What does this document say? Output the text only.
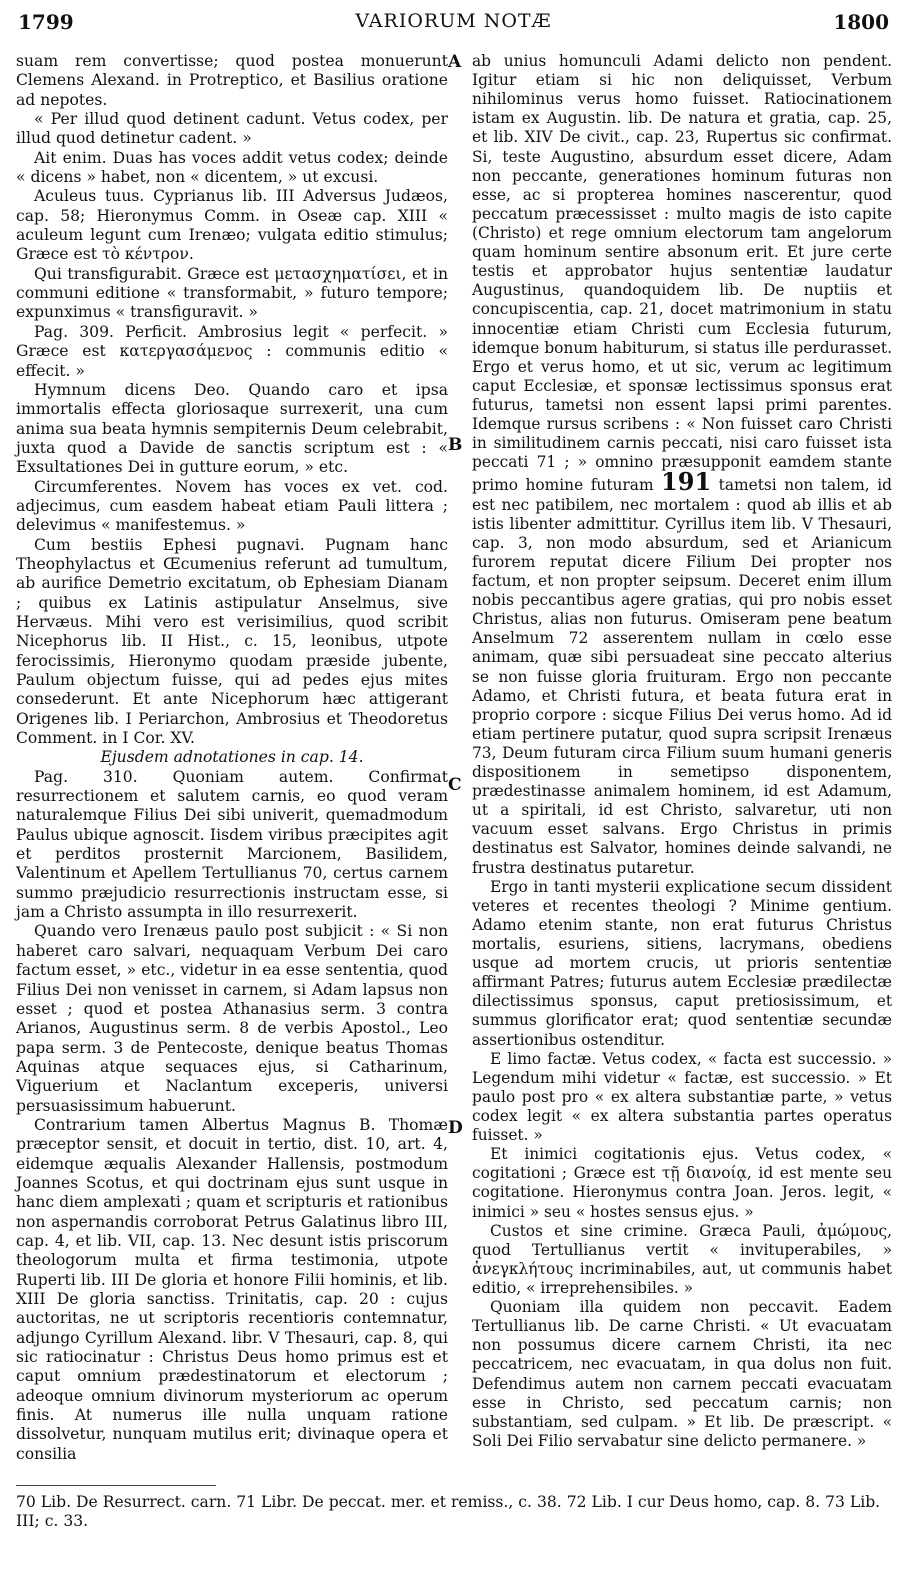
1799	VARIORUM NOTÆ	1800
A
B
C
D

suam rem convertisse; quod postea monuerunt Clemens Alexand. in Protreptico, et Basilius oratione ad nepotes.

« Per illud quod detinent cadunt. Vetus codex, per illud quod detinetur cadent. »

Ait enim. Duas has voces addit vetus codex; deinde « dicens » habet, non « dicentem, » ut excusi.

Aculeus tuus. Cyprianus lib. III Adversus Judæos, cap. 58; Hieronymus Comm. in Oseæ cap. XIII « aculeum legunt cum Irenæo; vulgata editio stimulus; Græce est τὸ κέντρον.

Qui transfigurabit. Græce est μετασχηματίσει, et in communi editione « transformabit, » futuro tempore; expunximus « transfiguravit. »

Pag. 309. Perficit. Ambrosius legit « perfecit. » Græce est κατεργασάμενος : communis editio « effecit. »

Hymnum dicens Deo. Quando caro et ipsa immortalis effecta gloriosaque surrexerit, una cum anima sua beata hymnis sempiternis Deum celebrabit, juxta quod a Davide de sanctis scriptum est : « Exsultationes Dei in gutture eorum, » etc.

Circumferentes. Novem has voces ex vet. cod. adjecimus, cum easdem habeat etiam Pauli littera ; delevimus « manifestemus. »

Cum bestiis Ephesi pugnavi. Pugnam hanc Theophylactus et Œcumenius referunt ad tumultum, ab aurifice Demetrio excitatum, ob Ephesiam Dianam ; quibus ex Latinis astipulatur Anselmus, sive Hervæus. Mihi vero est verisimilius, quod scribit Nicephorus lib. II Hist., c. 15, leonibus, utpote ferocissimis, Hieronymo quodam præside jubente, Paulum objectum fuisse, qui ad pedes ejus mites consederunt. Et ante Nicephorum hæc attigerant Origenes lib. I Periarchon, Ambrosius et Theodoretus Comment. in I Cor. XV.

Ejusdem adnotationes in cap. 14.

Pag. 310. Quoniam autem. Confirmat resurrectionem et salutem carnis, eo quod veram naturalemque Filius Dei sibi univerit, quemadmodum Paulus ubique agnoscit. Iisdem viribus præcipites agit et perditos prosternit Marcionem, Basilidem, Valentinum et Apellem Tertullianus 70, certus carnem summo præjudicio resurrectionis instructam esse, si jam a Christo assumpta in illo resurrexerit.

Quando vero Irenæus paulo post subjicit : « Si non haberet caro salvari, nequaquam Verbum Dei caro factum esset, » etc., videtur in ea esse sententia, quod Filius Dei non venisset in carnem, si Adam lapsus non esset ; quod et postea Athanasius serm. 3 contra Arianos, Augustinus serm. 8 de verbis Apostol., Leo papa serm. 3 de Pentecoste, denique beatus Thomas Aquinas atque sequaces ejus, si Catharinum, Viguerium et Naclantum exceperis, universi persuasissimum habuerunt.

Contrarium tamen Albertus Magnus B. Thomæ præceptor sensit, et docuit in tertio, dist. 10, art. 4, eidemque æqualis Alexander Hallensis, postmodum Joannes Scotus, et qui doctrinam ejus sunt usque in hanc diem amplexati ; quam et scripturis et rationibus non aspernandis corroborat Petrus Galatinus libro III, cap. 4, et lib. VII, cap. 13. Nec desunt istis priscorum theologorum multa et firma testimonia, utpote Ruperti lib. III De gloria et honore Filii hominis, et lib. XIII De gloria sanctiss. Trinitatis, cap. 20 : cujus auctoritas, ne ut scriptoris recentioris contemnatur, adjungo Cyrillum Alexand. libr. V Thesauri, cap. 8, qui sic ratiocinatur : Christus Deus homo primus est et caput omnium prædestinatorum et electorum ; adeoque omnium divinorum mysteriorum ac operum finis. At numerus ille nulla unquam ratione dissolvetur, nunquam mutilus erit; divinaque opera et consilia

ab unius homunculi Adami delicto non pendent. Igitur etiam si hic non deliquisset, Verbum nihilominus verus homo fuisset. Ratiocinationem istam ex Augustin. lib. De natura et gratia, cap. 25, et lib. XIV De civit., cap. 23, Rupertus sic confirmat. Si, teste Augustino, absurdum esset dicere, Adam non peccante, generationes hominum futuras non esse, ac si propterea homines nascerentur, quod peccatum præcessisset : multo magis de isto capite (Christo) et rege omnium electorum tam angelorum quam hominum sentire absonum erit. Et jure certe testis et approbator hujus sententiæ laudatur Augustinus, quandoquidem lib. De nuptiis et concupiscentia, cap. 21, docet matrimonium in statu innocentiæ etiam Christi cum Ecclesia futurum, idemque bonum habiturum, si status ille perdurasset. Ergo et verus homo, et ut sic, verum ac legitimum caput Ecclesiæ, et sponsæ lectissimus sponsus erat futurus, tametsi non essent lapsi primi parentes. Idemque rursus scribens : « Non fuisset caro Christi in similitudinem carnis peccati, nisi caro fuisset ista peccati 71 ; » omnino præsupponit eamdem stante primo homine futuram 191 tametsi non talem, id est nec patibilem, nec mortalem : quod ab illis et ab istis libenter admittitur. Cyrillus item lib. V Thesauri, cap. 3, non modo absurdum, sed et Arianicum furorem reputat dicere Filium Dei propter nos factum, et non propter seipsum. Deceret enim illum nobis peccantibus agere gratias, qui pro nobis esset Christus, alias non futurus. Omiseram pene beatum Anselmum 72 asserentem nullam in cœlo esse animam, quæ sibi persuadeat sine peccato alterius se non fuisse gloria fruituram. Ergo non peccante Adamo, et Christi futura, et beata futura erat in proprio corpore : sicque Filius Dei verus homo. Ad id etiam pertinere putatur, quod supra scripsit Irenæus 73, Deum futuram circa Filium suum humani generis dispositionem in semetipso disponentem, prædestinasse animalem hominem, id est Adamum, ut a spiritali, id est Christo, salvaretur, uti non vacuum esset salvans. Ergo Christus in primis destinatus est Salvator, homines deinde salvandi, ne frustra destinatus putaretur.

Ergo in tanti mysterii explicatione secum dissident veteres et recentes theologi ? Minime gentium. Adamo etenim stante, non erat futurus Christus mortalis, esuriens, sitiens, lacrymans, obediens usque ad mortem crucis, ut prioris sententiæ affirmant Patres; futurus autem Ecclesiæ prædilectæ dilectissimus sponsus, caput pretiosissimum, et summus glorificator erat; quod sententiæ secundæ assertionibus ostenditur.

E limo factæ. Vetus codex, « facta est successio. » Legendum mihi videtur « factæ, est successio. » Et paulo post pro « ex altera substantiæ parte, » vetus codex legit « ex altera substantia partes operatus fuisset. »

Et inimici cogitationis ejus. Vetus codex, « cogitationi ; Græce est τῇ διανοίᾳ, id est mente seu cogitatione. Hieronymus contra Joan. Jeros. legit, « inimici » seu « hostes sensus ejus. »

Custos et sine crimine. Græca Pauli, ἀμώμους, quod Tertullianus vertit « invituperabiles, » ἀνεγκλήτους incriminabiles, aut, ut communis habet editio, « irreprehensibiles. »

Quoniam illa quidem non peccavit. Eadem Tertullianus lib. De carne Christi. « Ut evacuatam non possumus dicere carnem Christi, ita nec peccatricem, nec evacuatam, in qua dolus non fuit. Defendimus autem non carnem peccati evacuatam esse in Christo, sed peccatum carnis; non substantiam, sed culpam. » Et lib. De præscript. « Soli Dei Filio servabatur sine delicto permanere. »

70 Lib. De Resurrect. carn. 71 Libr. De peccat. mer. et remiss., c. 38. 72 Lib. I cur Deus homo, cap. 8. 73 Lib. III; c. 33.
